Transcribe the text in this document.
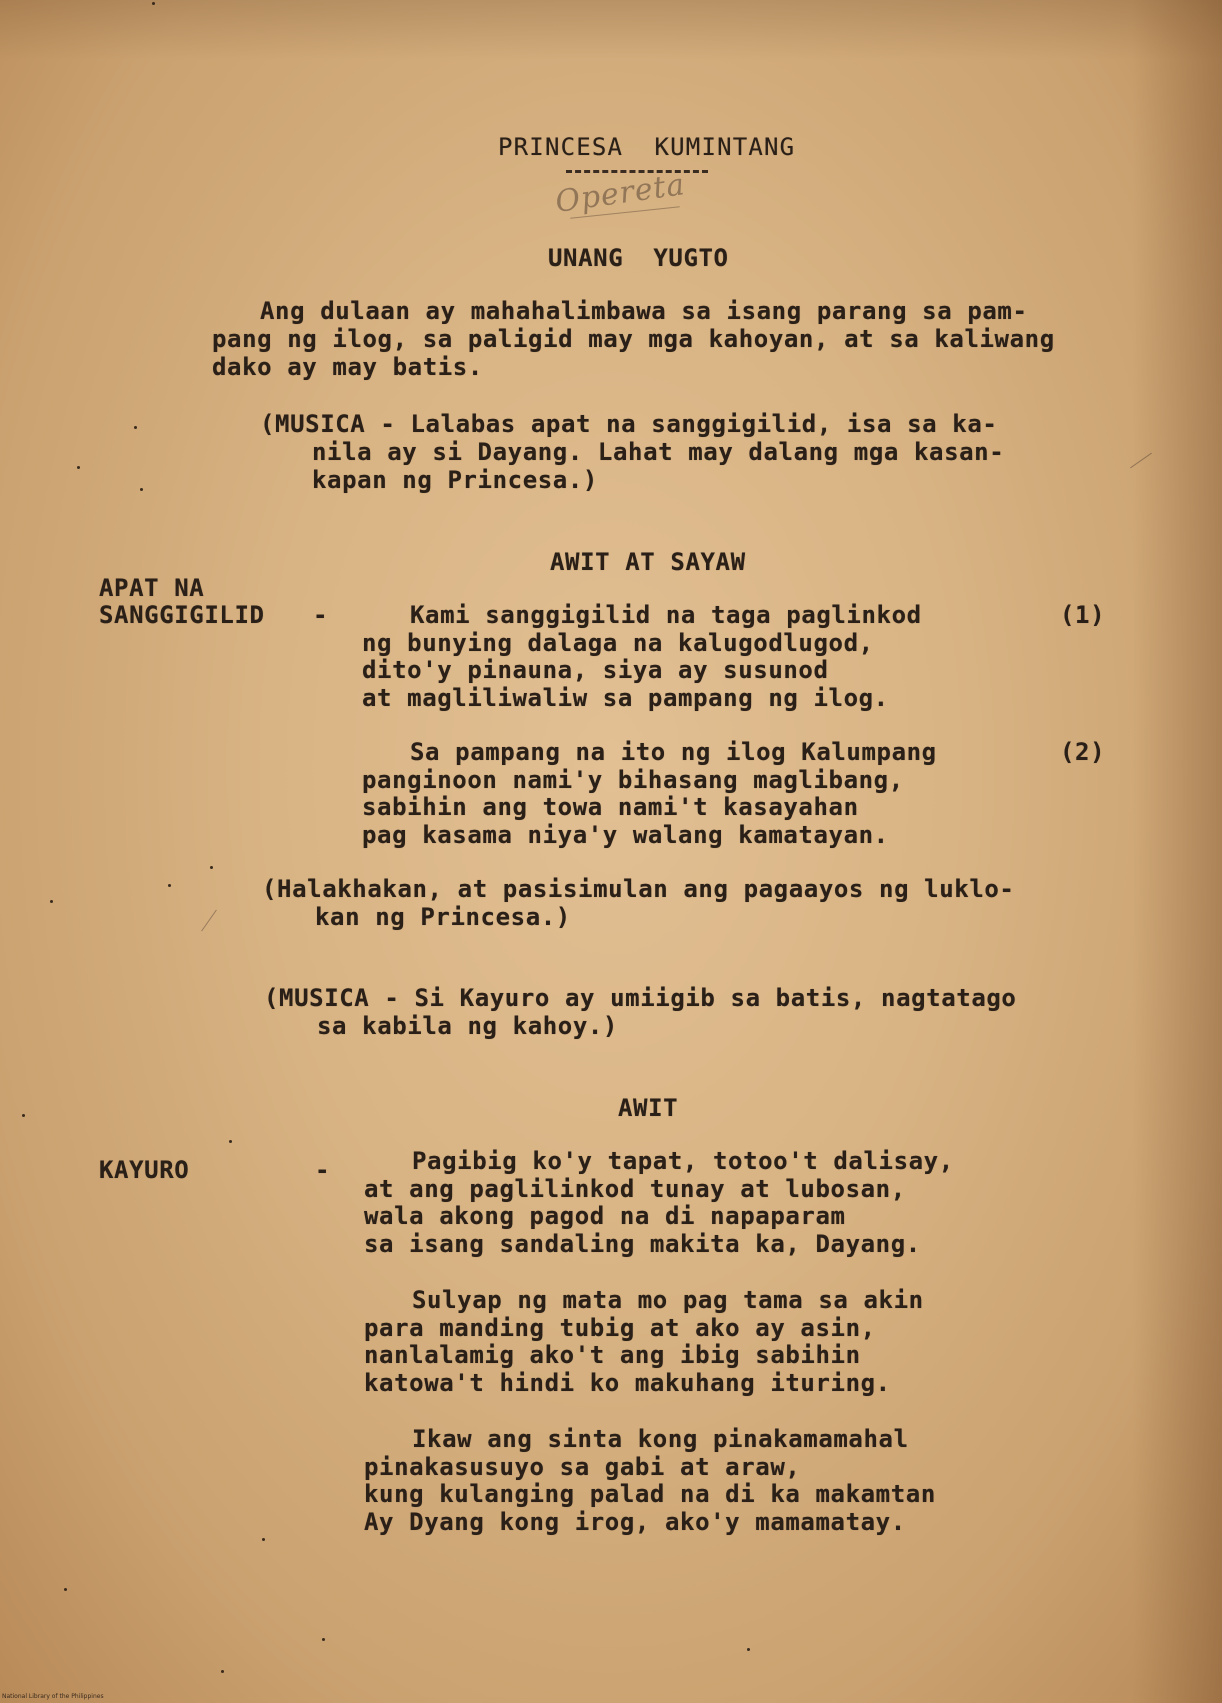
PRINCESA  KUMINTANG
Opereta
UNANG  YUGTO
Ang dulaan ay mahahalimbawa sa isang parang sa pam-
pang ng ilog, sa paligid may mga kahoyan, at sa kaliwang
dako ay may batis.
(MUSICA - Lalabas apat na sanggigilid, isa sa ka-
nila ay si Dayang. Lahat may dalang mga kasan-
kapan ng Princesa.)
AWIT AT SAYAW
APAT NA
SANGGIGILID -	Kami sanggigilid na taga paglinkod
ng bunying dalaga na kalugodlugod,
dito'y pinauna, siya ay susunod
at magliliwaliw sa pampang ng ilog.
(1)
Sa pampang na ito ng ilog Kalumpang
panginoon nami'y bihasang maglibang,
sabihin ang towa nami't kasayahan
pag kasama niya'y walang kamatayan.
(2)
(Halakhakan, at pasisimulan ang pagaayos ng luklo-
kan ng Princesa.)
(MUSICA - Si Kayuro ay umiigib sa batis, nagtatago
sa kabila ng kahoy.)
AWIT
KAYURO	-	Pagibig ko'y tapat, totoo't dalisay,
at ang paglilinkod tunay at lubosan,
wala akong pagod na di napaparam
sa isang sandaling makita ka, Dayang.
Sulyap ng mata mo pag tama sa akin
para manding tubig at ako ay asin,
nanlalamig ako't ang ibig sabihin
katowa't hindi ko makuhang ituring.
Ikaw ang sinta kong pinakamamahal
pinakasusuyo sa gabi at araw,
kung kulanging palad na di ka makamtan
Ay Dyang kong irog, ako'y mamamatay.
National Library of the Philippines
